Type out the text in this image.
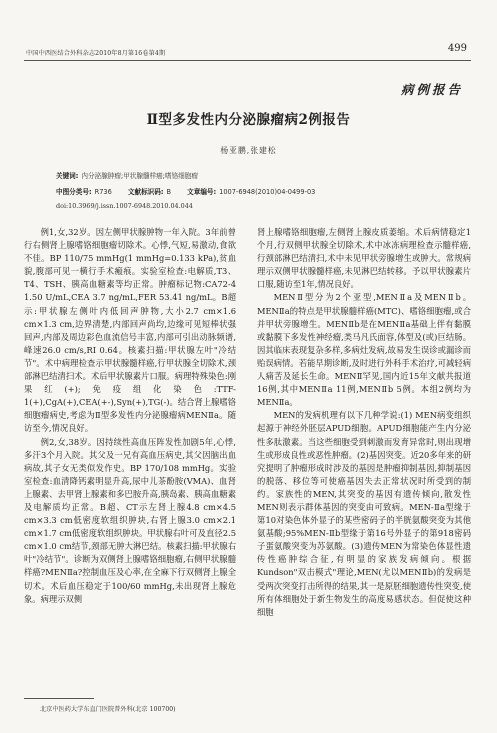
中国中西医结合外科杂志2010年8月第16卷第4期	499
病例报告
Ⅱ型多发性内分泌腺瘤病2例报告
杨亚鹏,张建松
关键词: 内分泌腺肿瘤;甲状腺髓样癌;嗜铬细胞瘤
中图分类号: R736 文献标识码: B 文章编号: 1007-6948(2010)04-0499-03
doi:10.3969/j.issn.1007-6948.2010.04.044

例1,女,32岁。因左侧甲状腺肿物一年入院。3年前曾行右侧肾上腺嗜铬细胞瘤切除术。心悸,气短,易激动,食欲不佳。BP 110/75 mmHg(1 mmHg=0.133 kPa),贫血貌,腹部可见一横行手术瘢痕。实验室检查:电解质,T3、T4、TSH、胰高血糖素等均正常。肿瘤标记物:CA72-4 1.50 U/mL,CEA 3.7 ng/mL,FER 53.41 ng/mL。B超示:甲状腺左侧叶内低回声肿物,大小2.7 cm×1.6 cm×1.3 cm,边界清楚,内部回声尚均,边缘可见短棒状强回声,内部及周边彩色血流信号丰富,内部可引出动脉频谱,峰速26.0 cm/s,RI 0.64。核素扫描:甲状腺左叶"冷结节"。术中病理检查示甲状腺髓样癌,行甲状腺全切除术,颈部淋巴结清扫术。术后甲状腺素片口服。病理特殊染色:刚果红(+);免疫组化染色:TTF-1(+),CgA(+),CEA(+-),Syn(+),TG(-)。结合肾上腺嗜铬细胞瘤病史,考虑为Ⅱ型多发性内分泌腺瘤病MENⅡa。随访至今,情况良好。

例2,女,38岁。因持续性高血压阵发性加剧5年,心悸,多汗3个月入院。其父及一兄有高血压病史,其父因脑出血病故,其子女无类似发作史。BP 170/108 mmHg。实验室检查:血清降钙素明显升高,尿中儿茶酚胺(VMA)、血肾上腺素、去甲肾上腺素和多巴胺升高,胰岛素、胰高血糖素及电解质均正常。B超、CT示左肾上腺4.8 cm×4.5 cm×3.3 cm低密度软组织肿块,右肾上腺3.0 cm×2.1 cm×1.7 cm低密度软组织肿块。甲状腺右叶可及直径2.5 cm×1.0 cm结节,颈部无肿大淋巴结。核素扫描:甲状腺右叶"冷结节"。诊断为双侧肾上腺嗜铬细胞瘤,右侧甲状腺髓样癌?MENⅡa?控制血压及心率,在全麻下行双侧肾上腺全切术。术后血压稳定于100/60 mmHg,未出现肾上腺危象。病理示双侧

肾上腺嗜铬细胞瘤,左侧肾上腺皮质萎缩。术后病情稳定1个月,行双侧甲状腺全切除术,术中冰冻病理检查示髓样癌,行颈部淋巴结清扫,术中未见甲状旁腺增生或肿大。常规病理示双侧甲状腺髓样癌,未见淋巴结转移。予以甲状腺素片口服,随访至1年,情况良好。

MENⅡ型分为2个亚型,MENⅡa及MENⅡb。MENⅡa的特点是甲状腺髓样癌(MTC)、嗜铬细胞瘤,或合并甲状旁腺增生。MENⅡb是在MENⅡa基础上伴有黏膜或黏膜下多发性神经瘤,类马凡氏面容,体型及(或)巨结肠。因其临床表现复杂多样,多病灶发病,故易发生误诊或漏诊而贻误病情。若能早期诊断,及时进行外科手术治疗,可减轻病人痛苦及延长生命。MENⅡ罕见,国内近15年文献共报道16例,其中MENⅡa 11例,MENⅡb 5例。本组2例均为MENⅡa。

MEN的发病机理有以下几种学说:(1) MEN病变组织起源于神经外胚层APUD细胞。APUD细胞能产生内分泌性多肽激素。当这些细胞受到刺激而发育异常时,则出现增生或形成良性或恶性肿瘤。(2)基因突变。近20多年来的研究提明了肿瘤形成时涉及的基因是肿瘤抑制基因,抑制基因的脱落、移位等可使癌基因失去正常状况时所受到的制约。家族性的MEN,其突变的基因有遗传倾向,散发性MEN则表示群体基因的突变由可致病。MEN-Ⅱa型缘于第10对染色体外显子的某些密码子的半胱氨酸突变为其他氨基酸;95%MEN-Ⅱb型缘于第16号外显子的第918密码子蛋氨酸突变为苏氨酸。(3)遗传MEN为常染色体显性遗传性癌肿综合征,有明显的家族发病倾向。根据Kundson"双击模式"理论,MEN(尤以MENⅡb)的发病是受两次突变打击所得的结果,其一是原胚细胞遗传性突变,使所有体细胞处于新生物发生的高度易感状态。但促使这种细胞

北京中医药大学东直门医院普外科(北京 100700)
